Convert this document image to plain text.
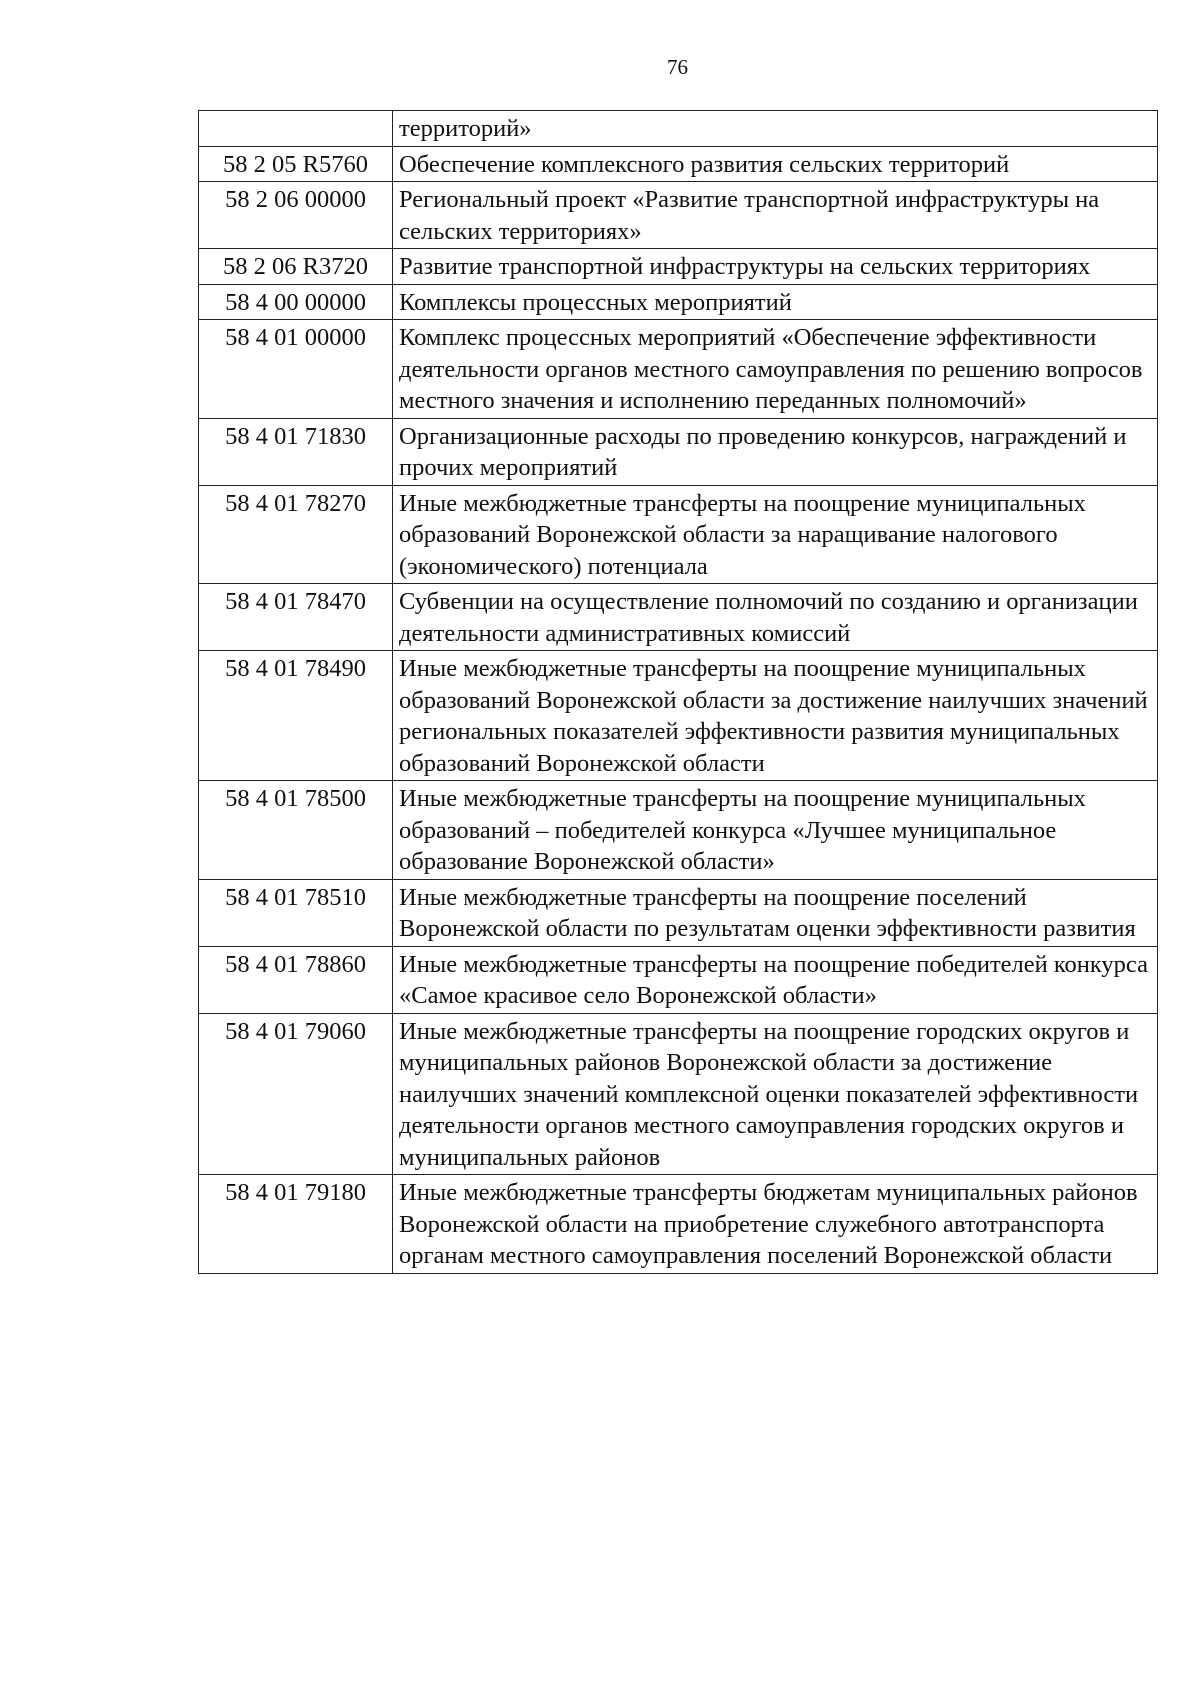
76
	территорий»
58 2 05 R5760	Обеспечение комплексного развития сельских территорий
58 2 06 00000	Региональный проект «Развитие транспортной инфраструктуры на сельских территориях»
58 2 06 R3720	Развитие транспортной инфраструктуры на сельских территориях
58 4 00 00000	Комплексы процессных мероприятий
58 4 01 00000	Комплекс процессных мероприятий «Обеспечение эффективности деятельности органов местного самоуправления по решению вопросов местного значения и исполнению переданных полномочий»
58 4 01 71830	Организационные расходы по проведению конкурсов, награждений и прочих мероприятий
58 4 01 78270	Иные межбюджетные трансферты на поощрение муниципальных образований Воронежской области за наращивание налогового (экономического) потенциала
58 4 01 78470	Субвенции на осуществление полномочий по созданию и организации деятельности административных комиссий
58 4 01 78490	Иные межбюджетные трансферты на поощрение муниципальных образований Воронежской области за достижение наилучших значений региональных показателей эффективности развития муниципальных образований Воронежской области
58 4 01 78500	Иные межбюджетные трансферты на поощрение муниципальных образований – победителей конкурса «Лучшее муниципальное образование Воронежской области»
58 4 01 78510	Иные межбюджетные трансферты на поощрение поселений Воронежской области по результатам оценки эффективности развития
58 4 01 78860	Иные межбюджетные трансферты на поощрение победителей конкурса «Самое красивое село Воронежской области»
58 4 01 79060	Иные межбюджетные трансферты на поощрение городских округов и муниципальных районов Воронежской области за достижение наилучших значений комплексной оценки показателей эффективности деятельности органов местного самоуправления городских округов и муниципальных районов
58 4 01 79180	Иные межбюджетные трансферты бюджетам муниципальных районов Воронежской области на приобретение служебного автотранспорта органам местного самоуправления поселений Воронежской области
